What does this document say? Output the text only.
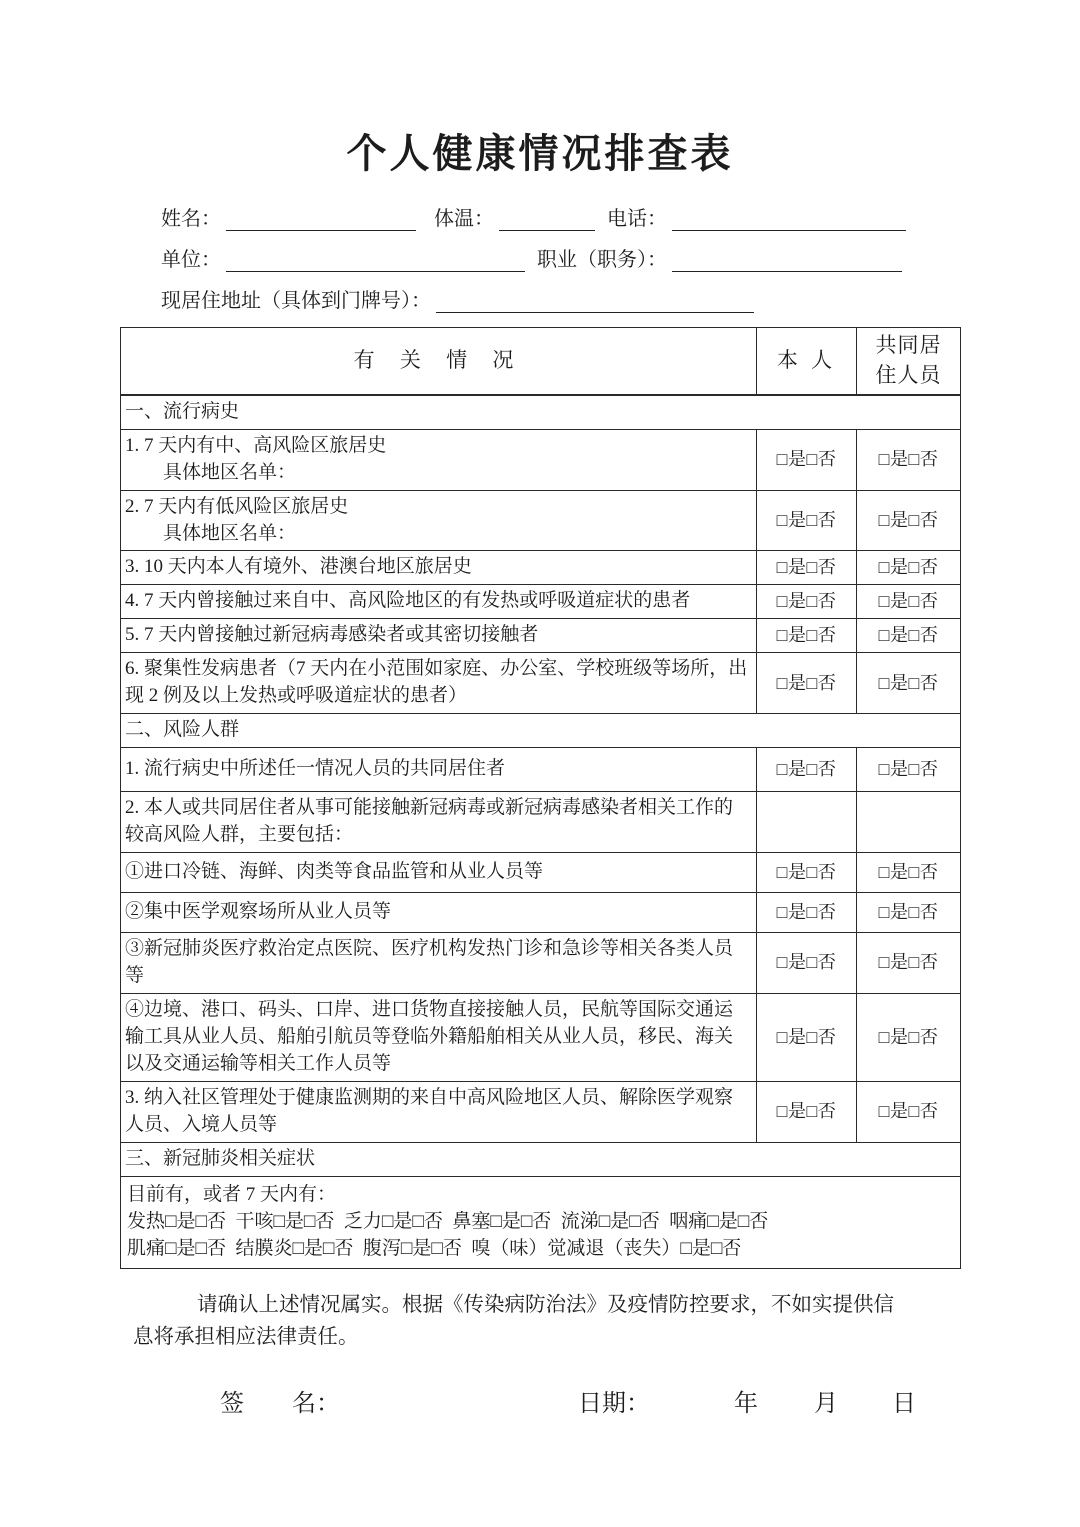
个人健康情况排查表
姓名：	体温：	电话：
单位：	职业（职务）：
现居住地址（具体到门牌号）：
有 关 情 况	本 人	共同居
住人员

一、流行病史		

1. 7 天内有中、高风险区旅居史
具体地区名单：	□是□否	□是□否

2. 7 天内有低风险区旅居史
具体地区名单：	□是□否	□是□否
3. 10 天内本人有境外、港澳台地区旅居史	□是□否	□是□否
4. 7 天内曾接触过来自中、高风险地区的有发热或呼吸道症状的患者	□是□否	□是□否
5. 7 天内曾接触过新冠病毒感染者或其密切接触者	□是□否	□是□否
6. 聚集性发病患者（7 天内在小范围如家庭、办公室、学校班级等场所，出现 2 例及以上发热或呼吸道症状的患者）	□是□否	□是□否
二、风险人群		
1. 流行病史中所述任一情况人员的共同居住者	□是□否	□是□否
2. 本人或共同居住者从事可能接触新冠病毒或新冠病毒感染者相关工作的较高风险人群，主要包括：		
①进口冷链、海鲜、肉类等食品监管和从业人员等	□是□否	□是□否
②集中医学观察场所从业人员等	□是□否	□是□否
③新冠肺炎医疗救治定点医院、医疗机构发热门诊和急诊等相关各类人员等	□是□否	□是□否
④边境、港口、码头、口岸、进口货物直接接触人员，民航等国际交通运输工具从业人员、船舶引航员等登临外籍船舶相关从业人员，移民、海关以及交通运输等相关工作人员等	□是□否	□是□否
3. 纳入社区管理处于健康监测期的来自中高风险地区人员、解除医学观察人员、入境人员等	□是□否	□是□否
三、新冠肺炎相关症状		

目前有，或者 7 天内有：
发热□是□否  干咳□是□否  乏力□是□否  鼻塞□是□否  流涕□是□否  咽痛□是□否
肌痛□是□否  结膜炎□是□否  腹泻□是□否  嗅（味）觉减退（丧失）□是□否		
请确认上述情况属实。根据《传染病防治法》及疫情防控要求，不如实提供信
息将承担相应法律责任。
签　　名：	日期：	年 月 日
